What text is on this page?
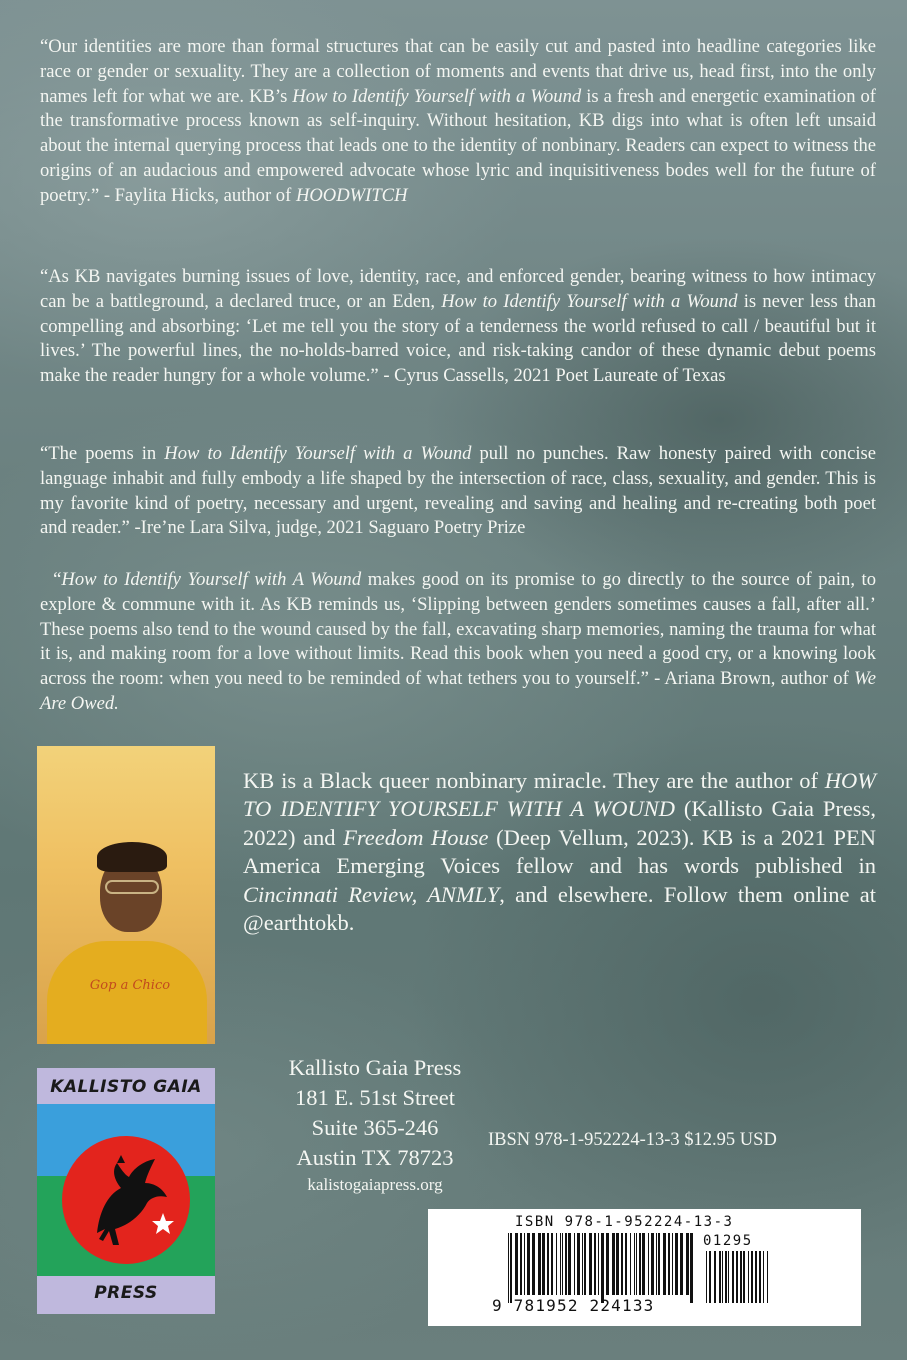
“Our identities are more than formal structures that can be easily cut and pasted into headline categories like race or gender or sexuality. They are a collection of moments and events that drive us, head first, into the only names left for what we are. KB’s How to Identify Yourself with a Wound is a fresh and energetic examination of the transformative process known as self-inquiry. Without hesitation, KB digs into what is often left unsaid about the internal querying process that leads one to the identity of nonbinary. Readers can expect to witness the origins of an audacious and empowered advocate whose lyric and inquisitiveness bodes well for the future of poetry.” - Faylita Hicks, author of HOODWITCH

“As KB navigates burning issues of love, identity, race, and enforced gender, bearing witness to how intimacy can be a battleground, a declared truce, or an Eden, How to Identify Yourself with a Wound is never less than compelling and absorbing: ‘Let me tell you the story of a tenderness the world refused to call / beautiful but it lives.’ The powerful lines, the no-holds-barred voice, and risk-taking candor of these dynamic debut poems make the reader hungry for a whole volume.” - Cyrus Cassells, 2021 Poet Laureate of Texas

“The poems in How to Identify Yourself with a Wound pull no punches. Raw honesty paired with concise language inhabit and fully embody a life shaped by the intersection of race, class, sexuality, and gender. This is my favorite kind of poetry, necessary and urgent, revealing and saving and healing and re-creating both poet and reader.” -Ire’ne Lara Silva, judge, 2021 Saguaro Poetry Prize

“How to Identify Yourself with A Wound makes good on its promise to go directly to the source of pain, to explore & commune with it. As KB reminds us, ‘Slipping between genders sometimes causes a fall, after all.’ These poems also tend to the wound caused by the fall, excavating sharp memories, naming the trauma for what it is, and making room for a love without limits. Read this book when you need a good cry, or a knowing look across the room: when you need to be reminded of what tethers you to yourself.” - Ariana Brown, author of We Are Owed.

Gop a Chico

KB is a Black queer nonbinary miracle. They are the author of HOW TO IDENTIFY YOURSELF WITH A WOUND (Kallisto Gaia Press, 2022) and Freedom House (Deep Vellum, 2023). KB is a 2021 PEN America Emerging Voices fellow and has words published in Cincinnati Review, ANMLY, and elsewhere. Follow them online at @earthtokb.

KALLISTO GAIA
PRESS
Kallisto Gaia Press
181 E. 51st Street
Suite 365-246
Austin TX 78723
kalistogaiapress.org
IBSN 978-1-952224-13-3 $12.95 USD
ISBN 978-1-952224-13-3
01295
9 781952 224133
